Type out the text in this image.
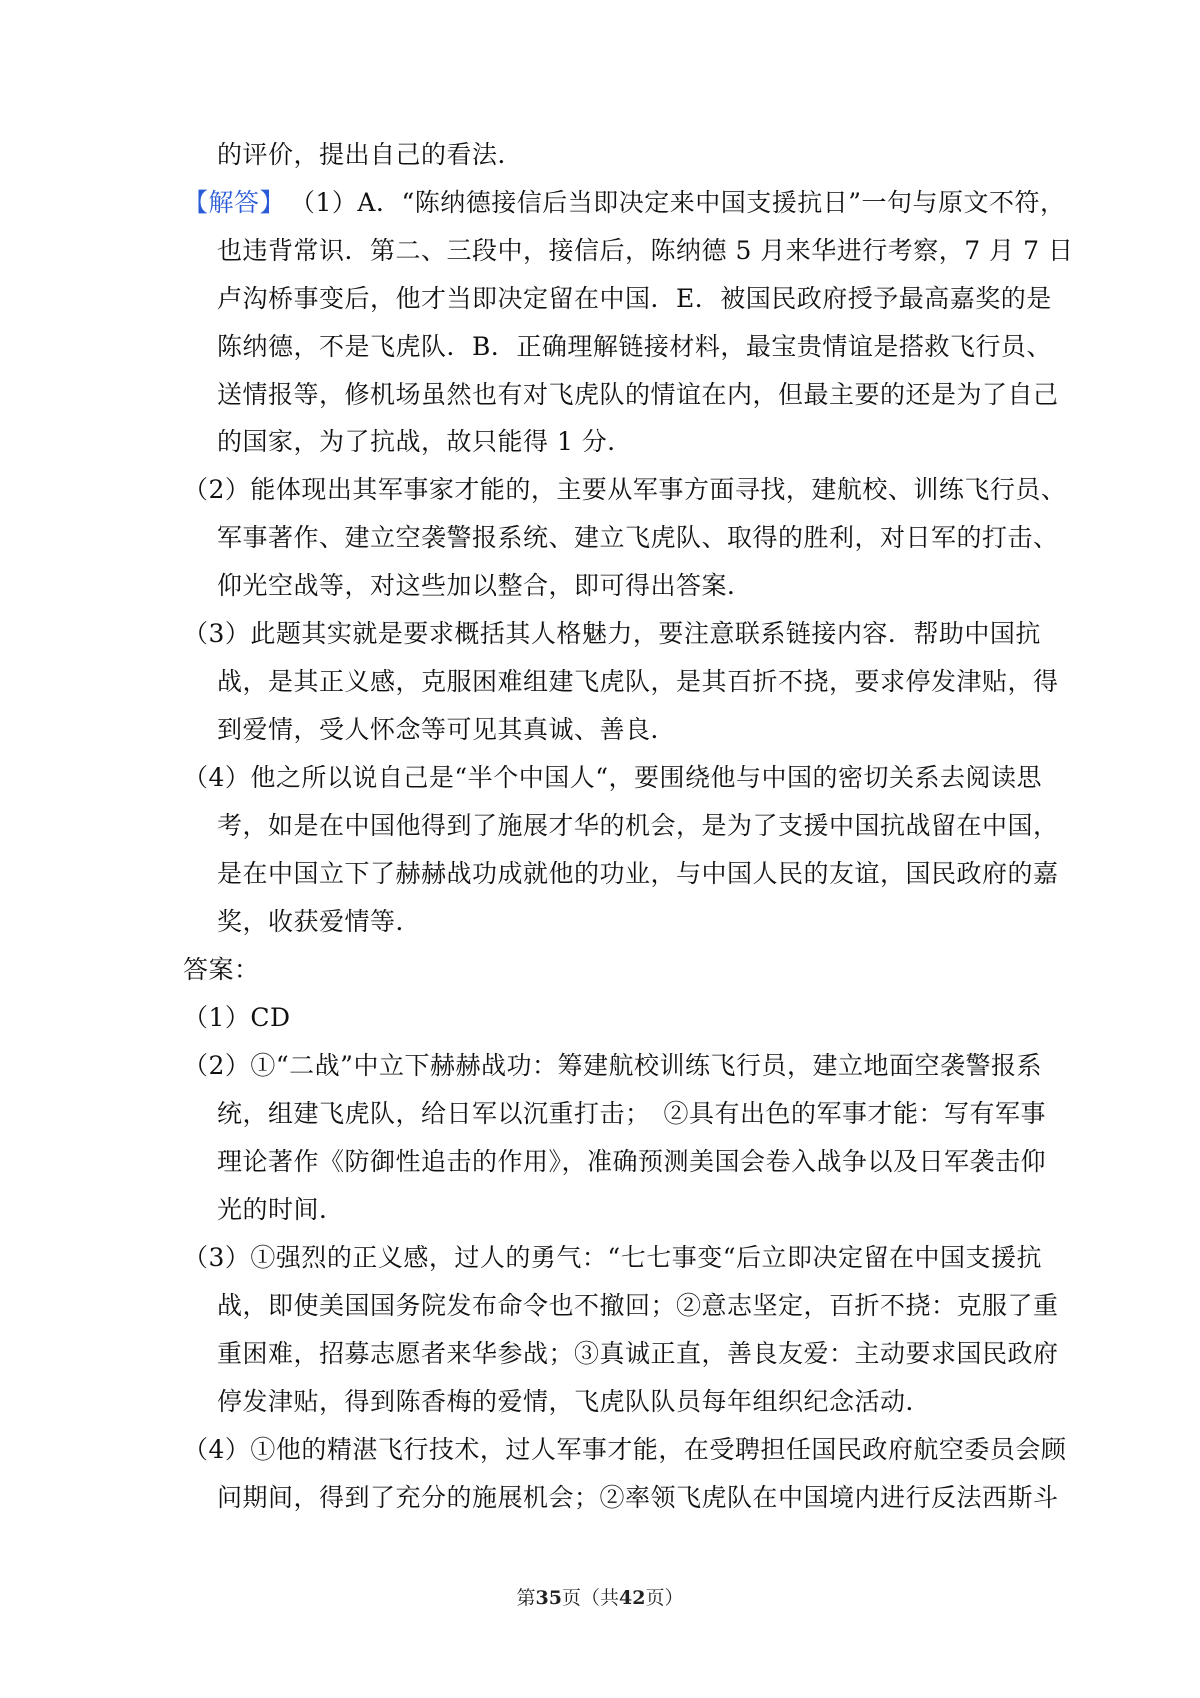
的评价，提出自己的看法．
【解答】 （1）A．“陈纳德接信后当即决定来中国支援抗日”一句与原文不符，
也违背常识．第二、三段中，接信后，陈纳德 5 月来华进行考察，7 月 7 日
卢沟桥事变后，他才当即决定留在中国．E．被国民政府授予最高嘉奖的是
陈纳德，不是飞虎队．B．正确理解链接材料，最宝贵情谊是搭救飞行员、
送情报等，修机场虽然也有对飞虎队的情谊在内，但最主要的还是为了自己
的国家，为了抗战，故只能得 1 分．
（2）能体现出其军事家才能的，主要从军事方面寻找，建航校、训练飞行员、
军事著作、建立空袭警报系统、建立飞虎队、取得的胜利，对日军的打击、
仰光空战等，对这些加以整合，即可得出答案．
（3）此题其实就是要求概括其人格魅力，要注意联系链接内容．帮助中国抗
战，是其正义感，克服困难组建飞虎队，是其百折不挠，要求停发津贴，得
到爱情，受人怀念等可见其真诚、善良．
（4）他之所以说自己是“半个中国人“，要围绕他与中国的密切关系去阅读思
考，如是在中国他得到了施展才华的机会，是为了支援中国抗战留在中国，
是在中国立下了赫赫战功成就他的功业，与中国人民的友谊，国民政府的嘉
奖，收获爱情等．
答案：
（1）CD
（2）①“二战”中立下赫赫战功：筹建航校训练飞行员，建立地面空袭警报系
统，组建飞虎队，给日军以沉重打击；　②具有出色的军事才能：写有军事
理论著作《防御性追击的作用》，准确预测美国会卷入战争以及日军袭击仰
光的时间．
（3）①强烈的正义感，过人的勇气：“七七事变“后立即决定留在中国支援抗
战，即使美国国务院发布命令也不撤回；②意志坚定，百折不挠：克服了重
重困难，招募志愿者来华参战；③真诚正直，善良友爱：主动要求国民政府
停发津贴，得到陈香梅的爱情，飞虎队队员每年组织纪念活动．
（4）①他的精湛飞行技术，过人军事才能，在受聘担任国民政府航空委员会顾
问期间，得到了充分的施展机会；②率领飞虎队在中国境内进行反法西斯斗
第35页（共42页）
